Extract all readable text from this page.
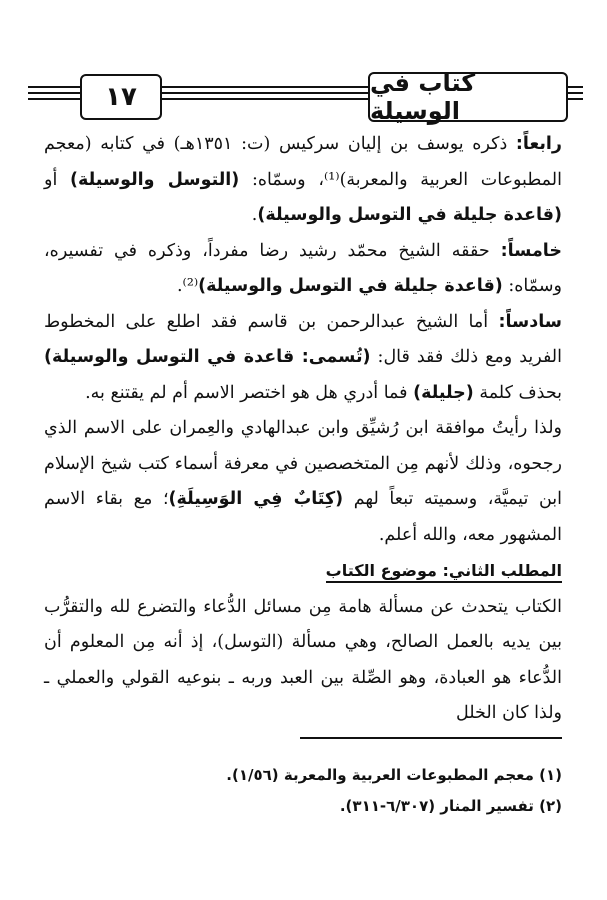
١٧	كتاب في الوسيلة

رابعاً: ذكره يوسف بن إليان سركيس (ت: ١٣٥١هـ) في كتابه (معجم المطبوعات العربية والمعربة)⁽¹⁾، وسمّاه: (التوسل والوسيلة) أو (قاعدة جليلة في التوسل والوسيلة).

خامساً: حققه الشيخ محمّد رشيد رضا مفرداً، وذكره في تفسيره، وسمّاه: (قاعدة جليلة في التوسل والوسيلة)⁽²⁾.

سادساً: أما الشيخ عبدالرحمن بن قاسم فقد اطلع على المخطوط الفريد ومع ذلك فقد قال: (تُسمى: قاعدة في التوسل والوسيلة) بحذف كلمة (جليلة) فما أدري هل هو اختصر الاسم أم لم يقتنع به.

ولذا رأيتُ موافقة ابن رُشيِّق وابن عبدالهادي والعِمران على الاسم الذي رجحوه، وذلك لأنهم مِن المتخصصين في معرفة أسماء كتب شيخ الإسلام ابن تيميَّة، وسميته تبعاً لهم (كِتَابٌ فِي الوَسِيلَةِ)؛ مع بقاء الاسم المشهور معه، والله أعلم.

المطلب الثاني: موضوع الكتاب

الكتاب يتحدث عن مسألة هامة مِن مسائل الدُّعاء والتضرع لله والتقرُّب بين يديه بالعمل الصالح، وهي مسألة (التوسل)، إذ أنه مِن المعلوم أن الدُّعاء هو العبادة، وهو الصِّلة بين العبد وربه ـ بنوعيه القولي والعملي ـ ولذا كان الخلل

(١) معجم المطبوعات العربية والمعربة (١/٥٦).

(٢) تفسير المنار (٦/٣٠٧-٣١١).
